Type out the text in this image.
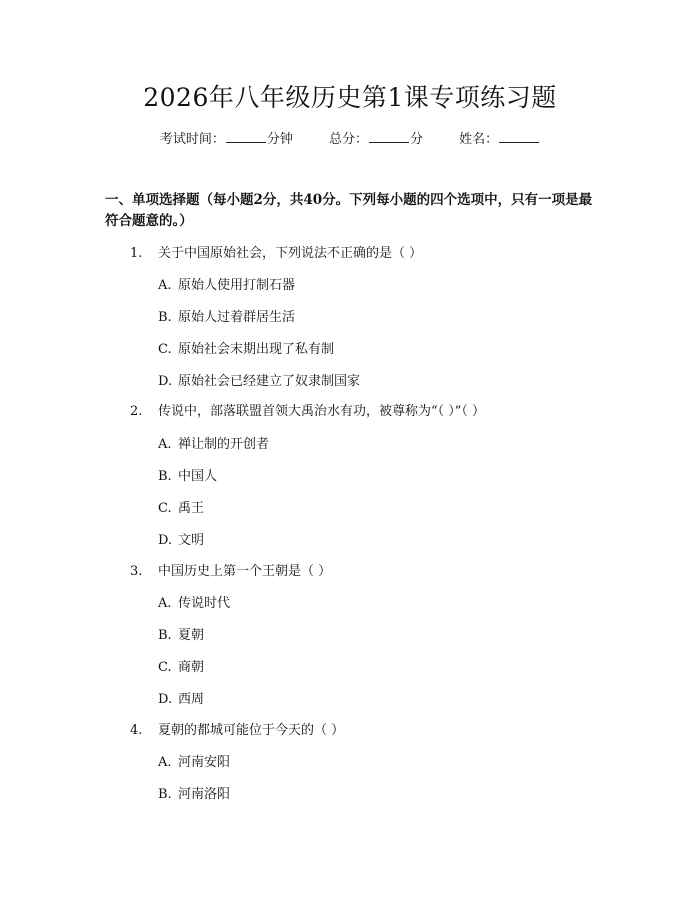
2026年八年级历史第1课专项练习题
考试时间：	分钟	总分：	分	姓名：
一、单项选择题（每小题2分，共40分。下列每小题的四个选项中，只有一项是最符合题意的。）
1. 关于中国原始社会，下列说法不正确的是（ ）
A. 原始人使用打制石器
B. 原始人过着群居生活
C. 原始社会末期出现了私有制
D. 原始社会已经建立了奴隶制国家
2. 传说中，部落联盟首领大禹治水有功，被尊称为“（ ）”（ ）
A. 禅让制的开创者
B. 中国人
C. 禹王
D. 文明
3. 中国历史上第一个王朝是（ ）
A. 传说时代
B. 夏朝
C. 商朝
D. 西周
4. 夏朝的都城可能位于今天的（ ）
A. 河南安阳
B. 河南洛阳
